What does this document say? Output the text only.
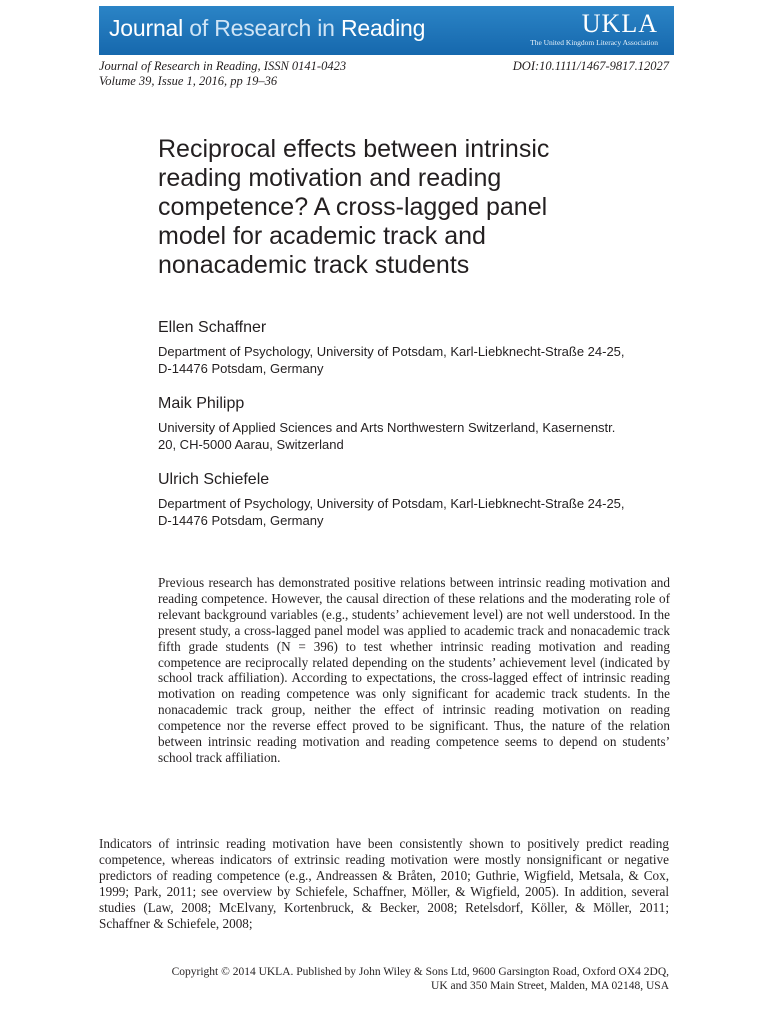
Journal of Research in Reading	UKLA
The United Kingdom Literacy Association
Journal of Research in Reading, ISSN 0141-0423
Volume 39, Issue 1, 2016, pp 19–36
DOI:10.1111/1467-9817.12027
Reciprocal effects between intrinsic
reading motivation and reading
competence? A cross-lagged panel
model for academic track and
nonacademic track students

Ellen Schaffner

Department of Psychology, University of Potsdam, Karl-Liebknecht-Straße 24-25,
D-14476 Potsdam, Germany

Maik Philipp

University of Applied Sciences and Arts Northwestern Switzerland, Kasernenstr.
20, CH-5000 Aarau, Switzerland

Ulrich Schiefele

Department of Psychology, University of Potsdam, Karl-Liebknecht-Straße 24-25,
D-14476 Potsdam, Germany

Previous research has demonstrated positive relations between intrinsic reading motivation and reading competence. However, the causal direction of these relations and the moderating role of relevant background variables (e.g., students’ achievement level) are not well understood. In the present study, a cross-lagged panel model was applied to academic track and nonacademic track fifth grade students (N = 396) to test whether intrinsic reading motivation and reading competence are reciprocally related depending on the students’ achievement level (indicated by school track affiliation). According to expectations, the cross-lagged effect of intrinsic reading motivation on reading competence was only significant for academic track students. In the nonacademic track group, neither the effect of intrinsic reading motivation on reading competence nor the reverse effect proved to be significant. Thus, the nature of the relation between intrinsic reading motivation and reading competence seems to depend on students’ school track affiliation.

Indicators of intrinsic reading motivation have been consistently shown to positively predict reading competence, whereas indicators of extrinsic reading motivation were mostly nonsignificant or negative predictors of reading competence (e.g., Andreassen & Bråten, 2010; Guthrie, Wigfield, Metsala, & Cox, 1999; Park, 2011; see overview by Schiefele, Schaffner, Möller, & Wigfield, 2005). In addition, several studies (Law, 2008; McElvany, Kortenbruck, & Becker, 2008; Retelsdorf, Köller, & Möller, 2011; Schaffner & Schiefele, 2008;

Copyright © 2014 UKLA. Published by John Wiley & Sons Ltd, 9600 Garsington Road, Oxford OX4 2DQ,
UK and 350 Main Street, Malden, MA 02148, USA
